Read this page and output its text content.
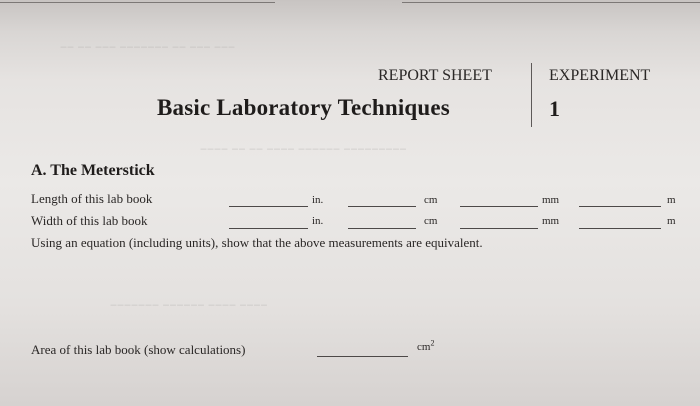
‒‒ ‒‒ ‒‒‒ ‒‒‒‒‒‒‒ ‒‒ ‒‒‒ ‒‒‒
‒‒‒‒ ‒‒ ‒‒ ‒‒‒‒ ‒‒‒‒‒‒ ‒‒‒‒‒‒‒‒‒
‒‒‒‒‒‒‒ ‒‒‒‒‒‒ ‒‒‒‒ ‒‒‒‒
REPORT SHEET	EXPERIMENT
Basic Laboratory Techniques	1
A. The Meterstick
Length of this lab book	in.	cm	mm	m
Width of this lab book	in.	cm	mm	m
Using an equation (including units), show that the above measurements are equivalent.
Area of this lab book (show calculations)	$cm^2$
